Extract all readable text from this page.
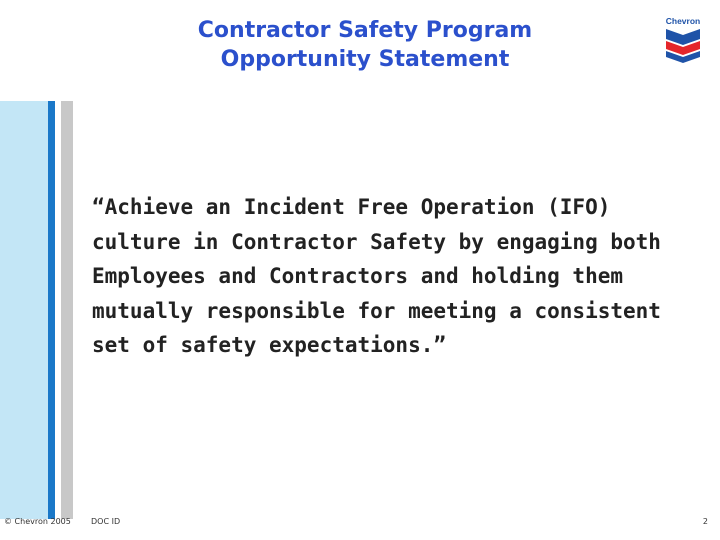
Contractor Safety Program
Opportunity Statement
Chevron

“Achieve an Incident Free Operation (IFO) culture in Contractor Safety by engaging both Employees and Contractors and holding them mutually responsible for meeting a consistent set of safety expectations.”

© Chevron 2005	DOC ID	2
